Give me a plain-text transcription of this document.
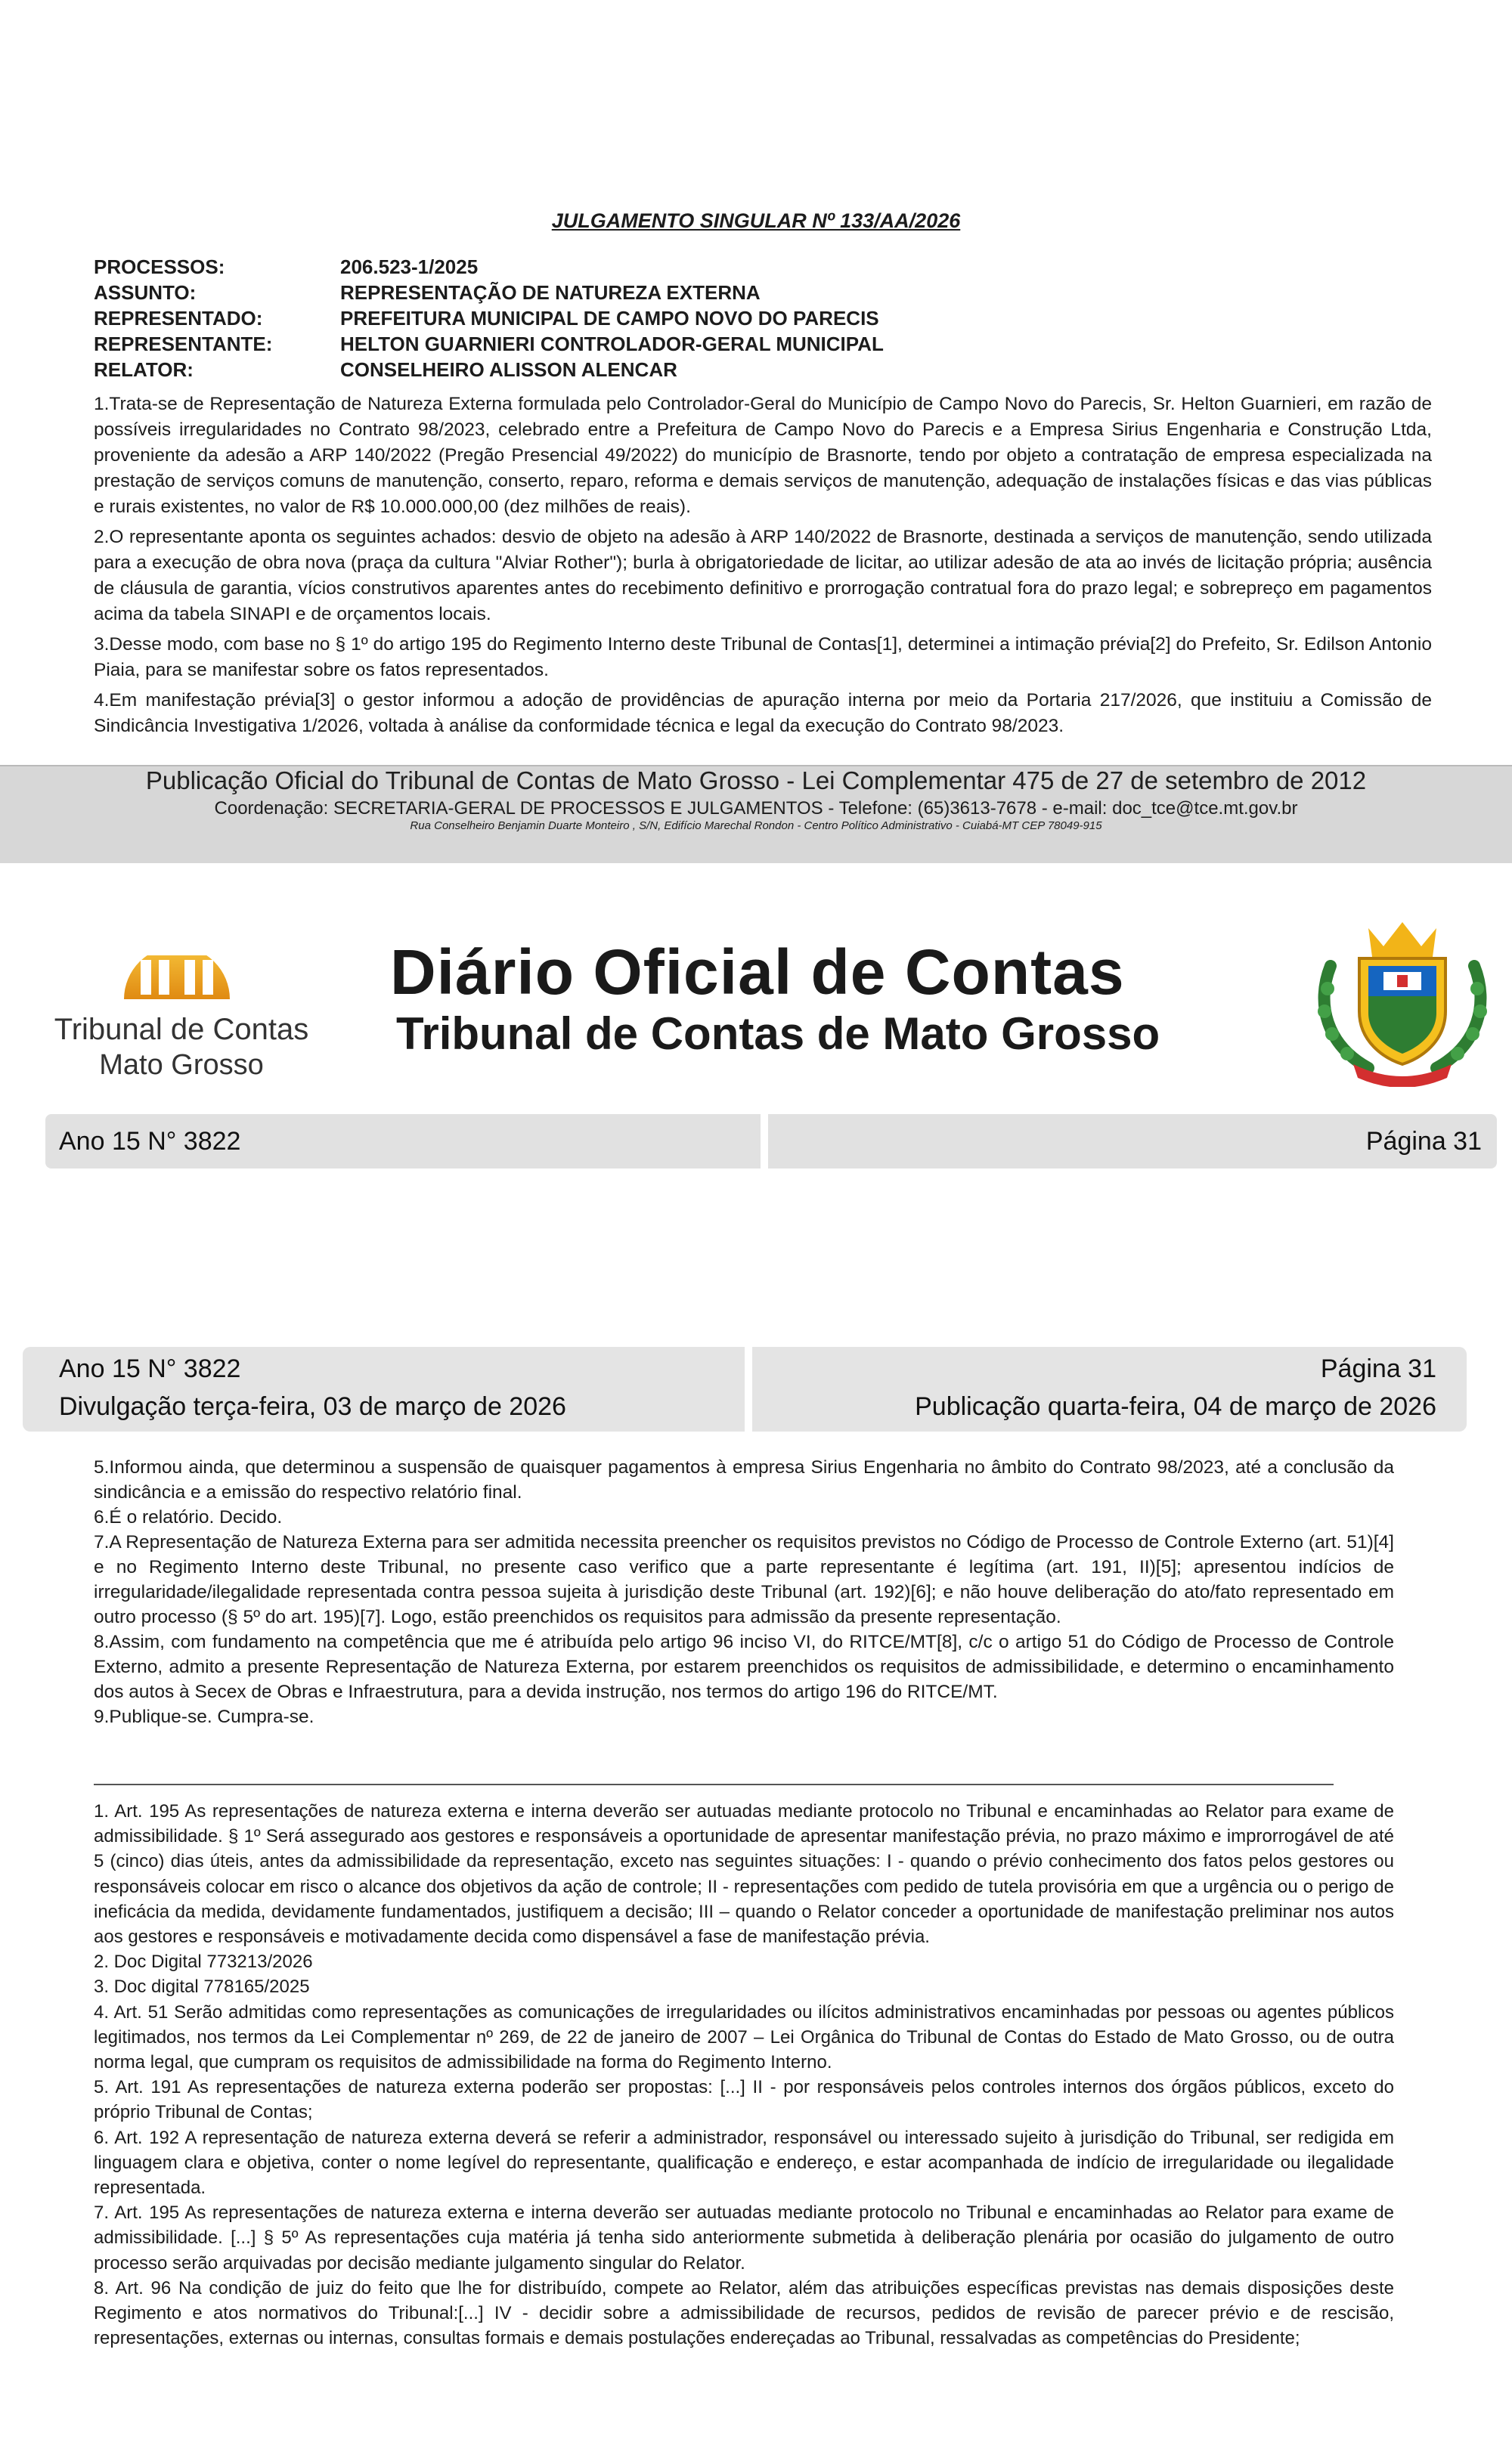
JULGAMENTO SINGULAR Nº 133/AA/2026
PROCESSOS:	206.523-1/2025
ASSUNTO:	REPRESENTAÇÃO DE NATUREZA EXTERNA
REPRESENTADO:	PREFEITURA MUNICIPAL DE CAMPO NOVO DO PARECIS
REPRESENTANTE:	HELTON GUARNIERI CONTROLADOR-GERAL MUNICIPAL
RELATOR:	CONSELHEIRO ALISSON ALENCAR

1.Trata-se de Representação de Natureza Externa formulada pelo Controlador-Geral do Município de Campo Novo do Parecis, Sr. Helton Guarnieri, em razão de possíveis irregularidades no Contrato 98/2023, celebrado entre a Prefeitura de Campo Novo do Parecis e a Empresa Sirius Engenharia e Construção Ltda, proveniente da adesão a ARP 140/2022 (Pregão Presencial 49/2022) do município de Brasnorte, tendo por objeto a contratação de empresa especializada na prestação de serviços comuns de manutenção, conserto, reparo, reforma e demais serviços de manutenção, adequação de instalações físicas e das vias públicas e rurais existentes, no valor de R$ 10.000.000,00 (dez milhões de reais).

2.O representante aponta os seguintes achados: desvio de objeto na adesão à ARP 140/2022 de Brasnorte, destinada a serviços de manutenção, sendo utilizada para a execução de obra nova (praça da cultura "Alviar Rother"); burla à obrigatoriedade de licitar, ao utilizar adesão de ata ao invés de licitação própria; ausência de cláusula de garantia, vícios construtivos aparentes antes do recebimento definitivo e prorrogação contratual fora do prazo legal; e sobrepreço em pagamentos acima da tabela SINAPI e de orçamentos locais.

3.Desse modo, com base no § 1º do artigo 195 do Regimento Interno deste Tribunal de Contas[1], determinei a intimação prévia[2] do Prefeito, Sr. Edilson Antonio Piaia, para se manifestar sobre os fatos representados.

4.Em manifestação prévia[3] o gestor informou a adoção de providências de apuração interna por meio da Portaria 217/2026, que instituiu a Comissão de Sindicância Investigativa 1/2026, voltada à análise da conformidade técnica e legal da execução do Contrato 98/2023.

Publicação Oficial do Tribunal de Contas de Mato Grosso - Lei Complementar 475 de 27 de setembro de 2012
Coordenação: SECRETARIA-GERAL DE PROCESSOS E JULGAMENTOS - Telefone: (65)3613-7678 - e-mail: doc_tce@tce.mt.gov.br
Rua Conselheiro Benjamin Duarte Monteiro , S/N, Edifício Marechal Rondon - Centro Político Administrativo - Cuiabá-MT CEP 78049-915
Tribunal de Contas
Mato Grosso
Diário Oficial de Contas
Tribunal de Contas de Mato Grosso
Ano 15 N° 3822	Página 31
Ano 15 N° 3822
Divulgação terça-feira, 03 de março de 2026
Página 31
Publicação quarta-feira, 04 de março de 2026

5.Informou ainda, que determinou a suspensão de quaisquer pagamentos à empresa Sirius Engenharia no âmbito do Contrato 98/2023, até a conclusão da sindicância e a emissão do respectivo relatório final.

6.É o relatório. Decido.

7.A Representação de Natureza Externa para ser admitida necessita preencher os requisitos previstos no Código de Processo de Controle Externo (art. 51)[4] e no Regimento Interno deste Tribunal, no presente caso verifico que a parte representante é legítima (art. 191, II)[5]; apresentou indícios de irregularidade/ilegalidade representada contra pessoa sujeita à jurisdição deste Tribunal (art. 192)[6]; e não houve deliberação do ato/fato representado em outro processo (§ 5º do art. 195)[7]. Logo, estão preenchidos os requisitos para admissão da presente representação.

8.Assim, com fundamento na competência que me é atribuída pelo artigo 96 inciso VI, do RITCE/MT[8], c/c o artigo 51 do Código de Processo de Controle Externo, admito a presente Representação de Natureza Externa, por estarem preenchidos os requisitos de admissibilidade, e determino o encaminhamento dos autos à Secex de Obras e Infraestrutura, para a devida instrução, nos termos do artigo 196 do RITCE/MT.

9.Publique-se. Cumpra-se.

1. Art. 195 As representações de natureza externa e interna deverão ser autuadas mediante protocolo no Tribunal e encaminhadas ao Relator para exame de admissibilidade. § 1º Será assegurado aos gestores e responsáveis a oportunidade de apresentar manifestação prévia, no prazo máximo e improrrogável de até 5 (cinco) dias úteis, antes da admissibilidade da representação, exceto nas seguintes situações: I - quando o prévio conhecimento dos fatos pelos gestores ou responsáveis colocar em risco o alcance dos objetivos da ação de controle; II - representações com pedido de tutela provisória em que a urgência ou o perigo de ineficácia da medida, devidamente fundamentados, justifiquem a decisão; III – quando o Relator conceder a oportunidade de manifestação preliminar nos autos aos gestores e responsáveis e motivadamente decida como dispensável a fase de manifestação prévia.

2. Doc Digital 773213/2026

3. Doc digital 778165/2025

4. Art. 51 Serão admitidas como representações as comunicações de irregularidades ou ilícitos administrativos encaminhadas por pessoas ou agentes públicos legitimados, nos termos da Lei Complementar nº 269, de 22 de janeiro de 2007 – Lei Orgânica do Tribunal de Contas do Estado de Mato Grosso, ou de outra norma legal, que cumpram os requisitos de admissibilidade na forma do Regimento Interno.

5. Art. 191 As representações de natureza externa poderão ser propostas: [...] II - por responsáveis pelos controles internos dos órgãos públicos, exceto do próprio Tribunal de Contas;

6. Art. 192 A representação de natureza externa deverá se referir a administrador, responsável ou interessado sujeito à jurisdição do Tribunal, ser redigida em linguagem clara e objetiva, conter o nome legível do representante, qualificação e endereço, e estar acompanhada de indício de irregularidade ou ilegalidade representada.

7. Art. 195 As representações de natureza externa e interna deverão ser autuadas mediante protocolo no Tribunal e encaminhadas ao Relator para exame de admissibilidade. [...] § 5º As representações cuja matéria já tenha sido anteriormente submetida à deliberação plenária por ocasião do julgamento de outro processo serão arquivadas por decisão mediante julgamento singular do Relator.

8. Art. 96 Na condição de juiz do feito que lhe for distribuído, compete ao Relator, além das atribuições específicas previstas nas demais disposições deste Regimento e atos normativos do Tribunal:[...] IV - decidir sobre a admissibilidade de recursos, pedidos de revisão de parecer prévio e de rescisão, representações, externas ou internas, consultas formais e demais postulações endereçadas ao Tribunal, ressalvadas as competências do Presidente;
